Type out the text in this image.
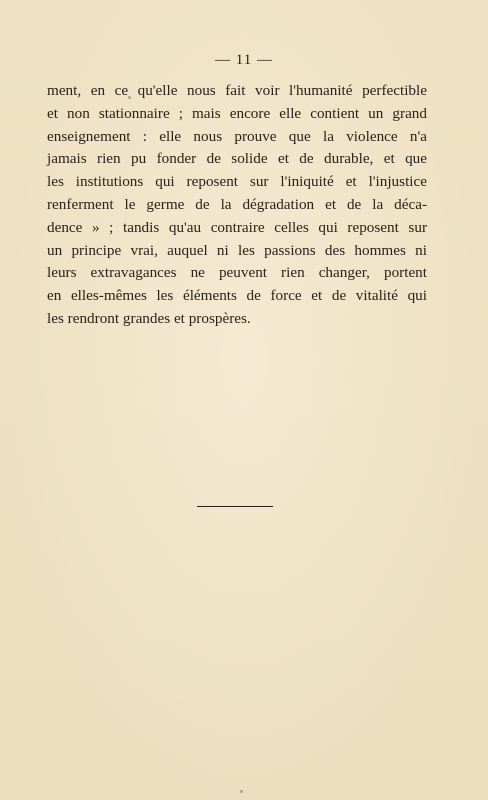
— 11 —
ment, en ce qu'elle nous fait voir l'humanité perfectible
et non stationnaire ; mais encore elle contient un grand
enseignement : elle nous prouve que la violence n'a
jamais rien pu fonder de solide et de durable, et que
les institutions qui reposent sur l'iniquité et l'injustice
renferment le germe de la dégradation et de la déca-
dence » ; tandis qu'au contraire celles qui reposent sur
un principe vrai, auquel ni les passions des hommes ni
leurs extravagances ne peuvent rien changer, portent
en elles-mêmes les éléments de force et de vitalité qui
les rendront grandes et prospères.
